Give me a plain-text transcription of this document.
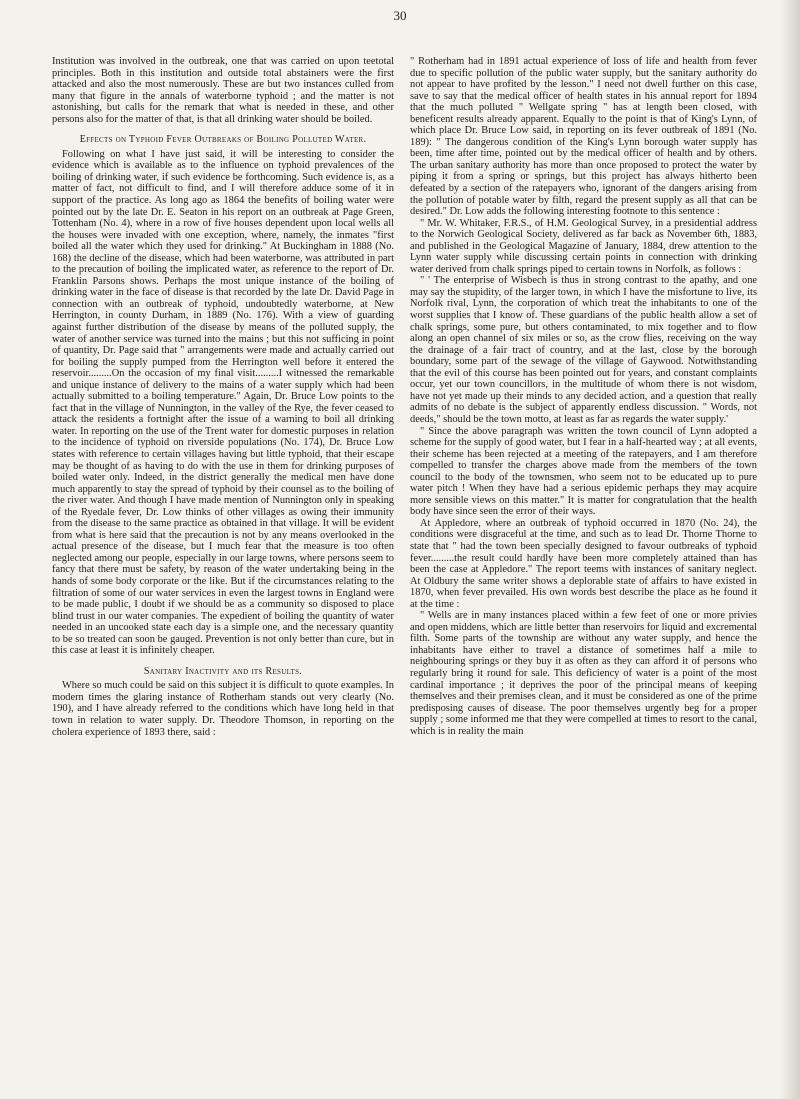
30

Institution was involved in the outbreak, one that was carried on upon teetotal principles. Both in this institution and outside total abstainers were the first attacked and also the most numerously. These are but two instances culled from many that figure in the annals of waterborne typhoid ; and the matter is not astonishing, but calls for the remark that what is needed in these, and other persons also for the matter of that, is that all drinking water should be boiled.

Effects on Typhoid Fever Outbreaks of Boiling Polluted Water.

Following on what I have just said, it will be interesting to consider the evidence which is available as to the influence on typhoid prevalences of the boiling of drinking water, if such evidence be forthcoming. Such evidence is, as a matter of fact, not difficult to find, and I will therefore adduce some of it in support of the practice. As long ago as 1864 the benefits of boiling water were pointed out by the late Dr. E. Seaton in his report on an outbreak at Page Green, Tottenham (No. 4), where in a row of five houses dependent upon local wells all the houses were invaded with one exception, where, namely, the inmates "first boiled all the water which they used for drinking." At Buckingham in 1888 (No. 168) the decline of the disease, which had been waterborne, was attributed in part to the precaution of boiling the implicated water, as reference to the report of Dr. Franklin Parsons shows. Perhaps the most unique instance of the boiling of drinking water in the face of disease is that recorded by the late Dr. David Page in connection with an outbreak of typhoid, undoubtedly waterborne, at New Herrington, in county Durham, in 1889 (No. 176). With a view of guarding against further distribution of the disease by means of the polluted supply, the water of another service was turned into the mains ; but this not sufficing in point of quantity, Dr. Page said that " arrangements were made and actually carried out for boiling the supply pumped from the Herrington well before it entered the reservoir.........On the occasion of my final visit.........I witnessed the remarkable and unique instance of delivery to the mains of a water supply which had been actually submitted to a boiling temperature." Again, Dr. Bruce Low points to the fact that in the village of Nunnington, in the valley of the Rye, the fever ceased to attack the residents a fortnight after the issue of a warning to boil all drinking water. In reporting on the use of the Trent water for domestic purposes in relation to the incidence of typhoid on riverside populations (No. 174), Dr. Bruce Low states with reference to certain villages having but little typhoid, that their escape may be thought of as having to do with the use in them for drinking purposes of boiled water only. Indeed, in the district generally the medical men have done much apparently to stay the spread of typhoid by their counsel as to the boiling of the river water. And though I have made mention of Nunnington only in speaking of the Ryedale fever, Dr. Low thinks of other villages as owing their immunity from the disease to the same practice as obtained in that village. It will be evident from what is here said that the precaution is not by any means overlooked in the actual presence of the disease, but I much fear that the measure is too often neglected among our people, especially in our large towns, where persons seem to fancy that there must be safety, by reason of the water undertaking being in the hands of some body corporate or the like. But if the circumstances relating to the filtration of some of our water services in even the largest towns in England were to be made public, I doubt if we should be as a community so disposed to place blind trust in our water companies. The expedient of boiling the quantity of water needed in an uncooked state each day is a simple one, and the necessary quantity to be so treated can soon be gauged. Prevention is not only better than cure, but in this case at least it is infinitely cheaper.

Sanitary Inactivity and its Results.

Where so much could be said on this subject it is difficult to quote examples. In modern times the glaring instance of Rotherham stands out very clearly (No. 190), and I have already referred to the conditions which have long held in that town in relation to water supply. Dr. Theodore Thomson, in reporting on the cholera experience of 1893 there, said :

" Rotherham had in 1891 actual experience of loss of life and health from fever due to specific pollution of the public water supply, but the sanitary authority do not appear to have profited by the lesson." I need not dwell further on this case, save to say that the medical officer of health states in his annual report for 1894 that the much polluted " Wellgate spring " has at length been closed, with beneficent results already apparent. Equally to the point is that of King's Lynn, of which place Dr. Bruce Low said, in reporting on its fever outbreak of 1891 (No. 189): " The dangerous condition of the King's Lynn borough water supply has been, time after time, pointed out by the medical officer of health and by others. The urban sanitary authority has more than once proposed to protect the water by piping it from a spring or springs, but this project has always hitherto been defeated by a section of the ratepayers who, ignorant of the dangers arising from the pollution of potable water by filth, regard the present supply as all that can be desired." Dr. Low adds the following interesting footnote to this sentence :

" Mr. W. Whitaker, F.R.S., of H.M. Geological Survey, in a presidential address to the Norwich Geological Society, delivered as far back as November 6th, 1883, and published in the Geological Magazine of January, 1884, drew attention to the Lynn water supply while discussing certain points in connection with drinking water derived from chalk springs piped to certain towns in Norfolk, as follows :

" ' The enterprise of Wisbech is thus in strong contrast to the apathy, and one may say the stupidity, of the larger town, in which I have the misfortune to live, its Norfolk rival, Lynn, the corporation of which treat the inhabitants to one of the worst supplies that I know of. These guardians of the public health allow a set of chalk springs, some pure, but others contaminated, to mix together and to flow along an open channel of six miles or so, as the crow flies, receiving on the way the drainage of a fair tract of country, and at the last, close by the borough boundary, some part of the sewage of the village of Gaywood. Notwithstanding that the evil of this course has been pointed out for years, and constant complaints occur, yet our town councillors, in the multitude of whom there is not wisdom, have not yet made up their minds to any decided action, and a question that really admits of no debate is the subject of apparently endless discussion. " Words, not deeds," should be the town motto, at least as far as regards the water supply.'

" Since the above paragraph was written the town council of Lynn adopted a scheme for the supply of good water, but I fear in a half-hearted way ; at all events, their scheme has been rejected at a meeting of the ratepayers, and I am therefore compelled to transfer the charges above made from the members of the town council to the body of the townsmen, who seem not to be educated up to pure water pitch ! When they have had a serious epidemic perhaps they may acquire more sensible views on this matter." It is matter for congratulation that the health body have since seen the error of their ways.

At Appledore, where an outbreak of typhoid occurred in 1870 (No. 24), the conditions were disgraceful at the time, and such as to lead Dr. Thorne Thorne to state that " had the town been specially designed to favour outbreaks of typhoid fever.........the result could hardly have been more completely attained than has been the case at Appledore." The report teems with instances of sanitary neglect. At Oldbury the same writer shows a deplorable state of affairs to have existed in 1870, when fever prevailed. His own words best describe the place as he found it at the time :

" Wells are in many instances placed within a few feet of one or more privies and open middens, which are little better than reservoirs for liquid and excremental filth. Some parts of the township are without any water supply, and hence the inhabitants have either to travel a distance of sometimes half a mile to neighbouring springs or they buy it as often as they can afford it of persons who regularly bring it round for sale. This deficiency of water is a point of the most cardinal importance ; it deprives the poor of the principal means of keeping themselves and their premises clean, and it must be considered as one of the prime predisposing causes of disease. The poor themselves urgently beg for a proper supply ; some informed me that they were compelled at times to resort to the canal, which is in reality the main
